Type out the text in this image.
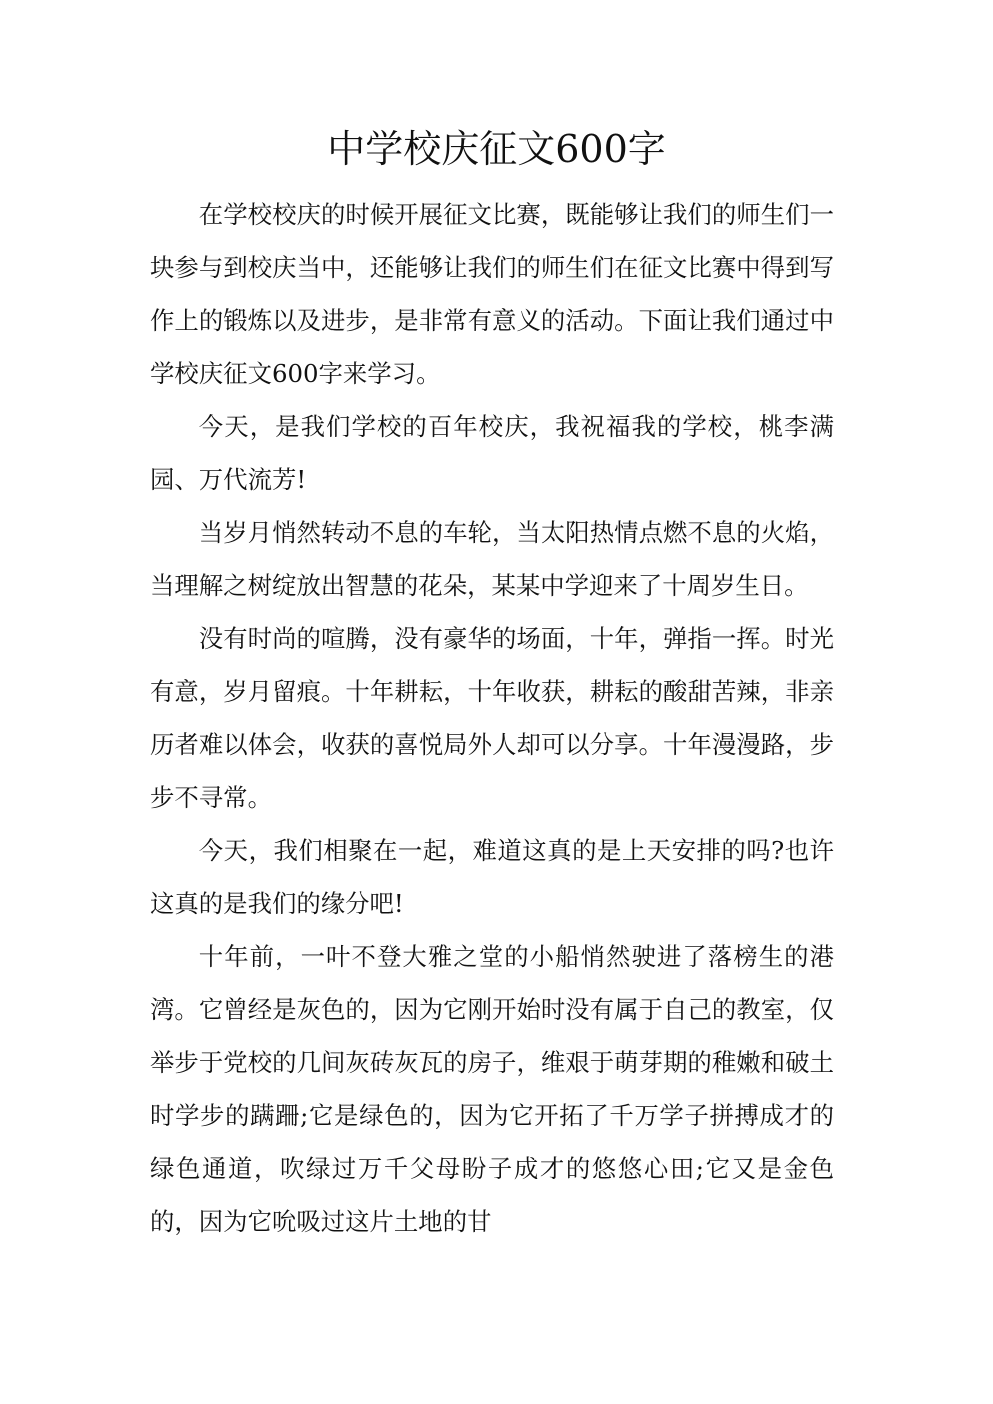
中学校庆征文600字

在学校校庆的时候开展征文比赛，既能够让我们的师生们一块参与到校庆当中，还能够让我们的师生们在征文比赛中得到写作上的锻炼以及进步，是非常有意义的活动。下面让我们通过中学校庆征文600字来学习。

今天，是我们学校的百年校庆，我祝福我的学校，桃李满园、万代流芳!

当岁月悄然转动不息的车轮，当太阳热情点燃不息的火焰，当理解之树绽放出智慧的花朵，某某中学迎来了十周岁生日。

没有时尚的喧腾，没有豪华的场面，十年，弹指一挥。时光有意，岁月留痕。十年耕耘，十年收获，耕耘的酸甜苦辣，非亲历者难以体会，收获的喜悦局外人却可以分享。十年漫漫路，步步不寻常。

今天，我们相聚在一起，难道这真的是上天安排的吗?也许这真的是我们的缘分吧!

十年前，一叶不登大雅之堂的小船悄然驶进了落榜生的港湾。它曾经是灰色的，因为它刚开始时没有属于自己的教室，仅举步于党校的几间灰砖灰瓦的房子，维艰于萌芽期的稚嫩和破土时学步的蹒跚;它是绿色的，因为它开拓了千万学子拼搏成才的绿色通道，吹绿过万千父母盼子成才的悠悠心田;它又是金色的，因为它吮吸过这片土地的甘
